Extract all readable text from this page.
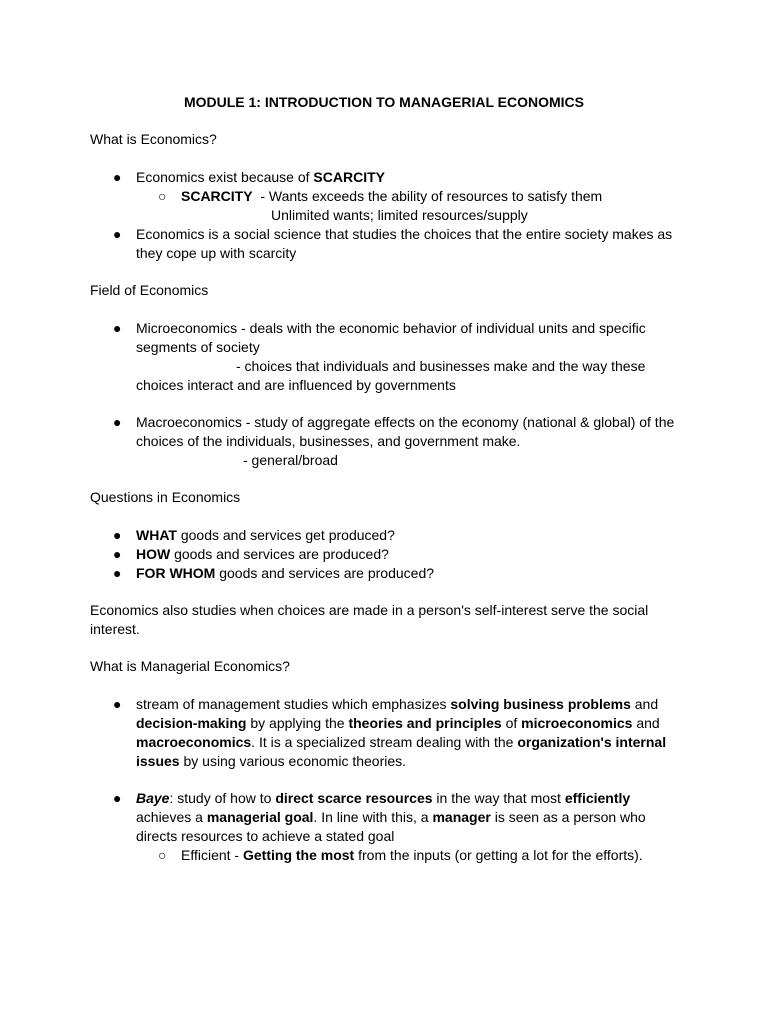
MODULE 1: INTRODUCTION TO MANAGERIAL ECONOMICS
What is Economics?
● Economics exist because of SCARCITY
○ SCARCITY  - Wants exceeds the ability of resources to satisfy them
Unlimited wants; limited resources/supply
● Economics is a social science that studies the choices that the entire society makes as
they cope up with scarcity
Field of Economics
● Microeconomics - deals with the economic behavior of individual units and specific
segments of society
- choices that individuals and businesses make and the way these
choices interact and are influenced by governments
● Macroeconomics - study of aggregate effects on the economy (national & global) of the
choices of the individuals, businesses, and government make.
- general/broad
Questions in Economics
● WHAT goods and services get produced?
● HOW goods and services are produced?
● FOR WHOM goods and services are produced?
Economics also studies when choices are made in a person's self-interest serve the social
interest.
What is Managerial Economics?
● stream of management studies which emphasizes solving business problems and
decision-making by applying the theories and principles of microeconomics and
macroeconomics. It is a specialized stream dealing with the organization's internal
issues by using various economic theories.
● Baye: study of how to direct scarce resources in the way that most efficiently
achieves a managerial goal. In line with this, a manager is seen as a person who
directs resources to achieve a stated goal
○ Efficient - Getting the most from the inputs (or getting a lot for the efforts).
